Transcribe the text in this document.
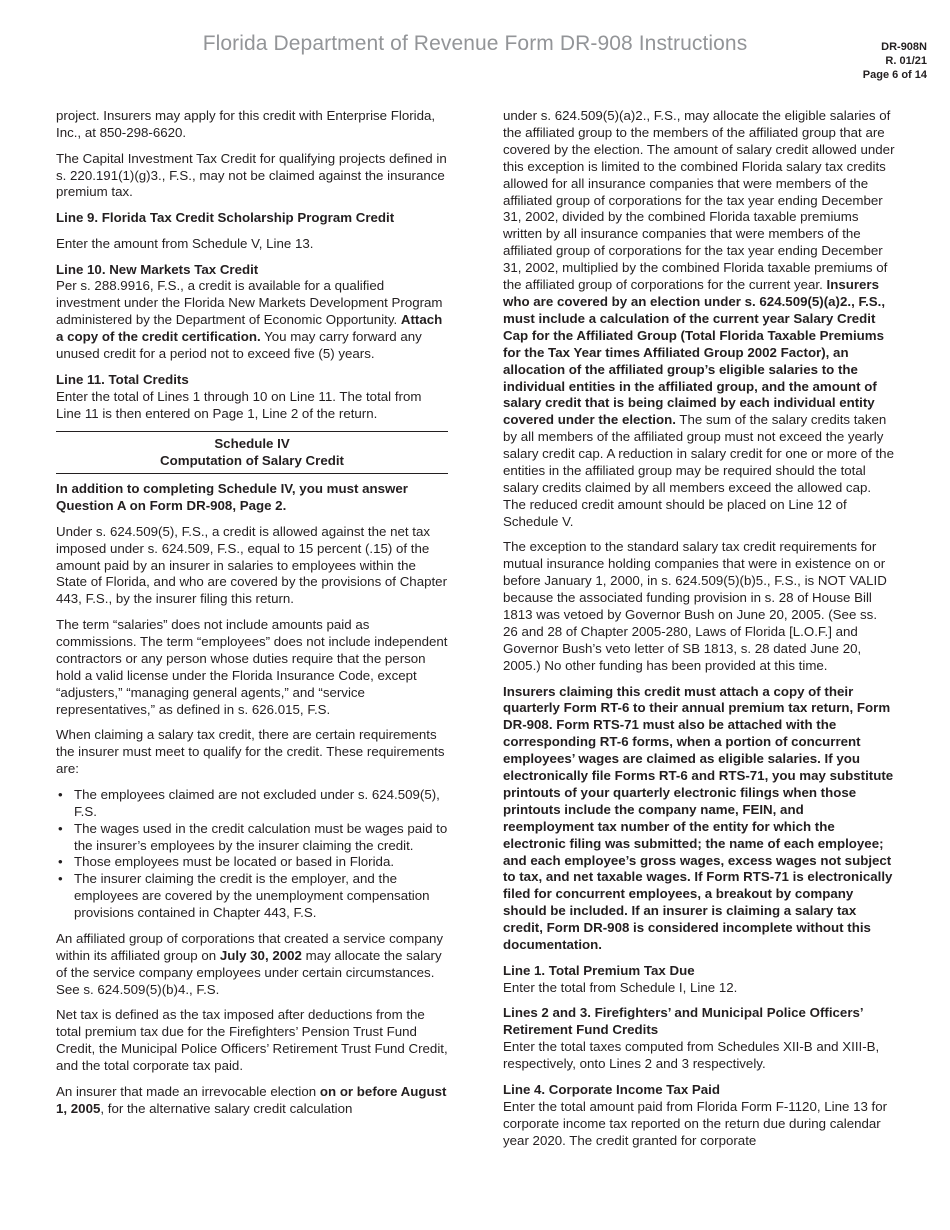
Florida Department of Revenue Form DR-908 Instructions	DR-908N
R. 01/21
Page 6 of 14

project. Insurers may apply for this credit with Enterprise Florida, Inc., at 850-298-6620.

The Capital Investment Tax Credit for qualifying projects defined in s. 220.191(1)(g)3., F.S., may not be claimed against the insurance premium tax.

Line 9. Florida Tax Credit Scholarship Program Credit

Enter the amount from Schedule V, Line 13.

Line 10. New Markets Tax Credit

Per s. 288.9916, F.S., a credit is available for a qualified investment under the Florida New Markets Development Program administered by the Department of Economic Opportunity. Attach a copy of the credit certification. You may carry forward any unused credit for a period not to exceed five (5) years.

Line 11. Total Credits

Enter the total of Lines 1 through 10 on Line 11. The total from Line 11 is then entered on Page 1, Line 2 of the return.

Schedule IV
Computation of Salary Credit

In addition to completing Schedule IV, you must answer Question A on Form DR-908, Page 2.

Under s. 624.509(5), F.S., a credit is allowed against the net tax imposed under s. 624.509, F.S., equal to 15 percent (.15) of the amount paid by an insurer in salaries to employees within the State of Florida, and who are covered by the provisions of Chapter 443, F.S., by the insurer filing this return.

The term “salaries” does not include amounts paid as commissions. The term “employees” does not include independent contractors or any person whose duties require that the person hold a valid license under the Florida Insurance Code, except “adjusters,” “managing general agents,” and “service representatives,” as defined in s. 626.015, F.S.

When claiming a salary tax credit, there are certain requirements the insurer must meet to qualify for the credit. These requirements are:

• The employees claimed are not excluded under s. 624.509(5), F.S.
• The wages used in the credit calculation must be wages paid to the insurer’s employees by the insurer claiming the credit.
• Those employees must be located or based in Florida.
• The insurer claiming the credit is the employer, and the employees are covered by the unemployment compensation provisions contained in Chapter 443, F.S.

An affiliated group of corporations that created a service company within its affiliated group on July 30, 2002 may allocate the salary of the service company employees under certain circumstances. See s. 624.509(5)(b)4., F.S.

Net tax is defined as the tax imposed after deductions from the total premium tax due for the Firefighters’ Pension Trust Fund Credit, the Municipal Police Officers’ Retirement Trust Fund Credit, and the total corporate tax paid.

An insurer that made an irrevocable election on or before August 1, 2005, for the alternative salary credit calculation

under s. 624.509(5)(a)2., F.S., may allocate the eligible salaries of the affiliated group to the members of the affiliated group that are covered by the election. The amount of salary credit allowed under this exception is limited to the combined Florida salary tax credits allowed for all insurance companies that were members of the affiliated group of corporations for the tax year ending December 31, 2002, divided by the combined Florida taxable premiums written by all insurance companies that were members of the affiliated group of corporations for the tax year ending December 31, 2002, multiplied by the combined Florida taxable premiums of the affiliated group of corporations for the current year. Insurers who are covered by an election under s. 624.509(5)(a)2., F.S., must include a calculation of the current year Salary Credit Cap for the Affiliated Group (Total Florida Taxable Premiums for the Tax Year times Affiliated Group 2002 Factor), an allocation of the affiliated group’s eligible salaries to the individual entities in the affiliated group, and the amount of salary credit that is being claimed by each individual entity covered under the election. The sum of the salary credits taken by all members of the affiliated group must not exceed the yearly salary credit cap. A reduction in salary credit for one or more of the entities in the affiliated group may be required should the total salary credits claimed by all members exceed the allowed cap. The reduced credit amount should be placed on Line 12 of Schedule V.

The exception to the standard salary tax credit requirements for mutual insurance holding companies that were in existence on or before January 1, 2000, in s. 624.509(5)(b)5., F.S., is NOT VALID because the associated funding provision in s. 28 of House Bill 1813 was vetoed by Governor Bush on June 20, 2005. (See ss. 26 and 28 of Chapter 2005-280, Laws of Florida [L.O.F.] and Governor Bush’s veto letter of SB 1813, s. 28 dated June 20, 2005.) No other funding has been provided at this time.

Insurers claiming this credit must attach a copy of their quarterly Form RT-6 to their annual premium tax return, Form DR-908. Form RTS-71 must also be attached with the corresponding RT-6 forms, when a portion of concurrent employees’ wages are claimed as eligible salaries. If you electronically file Forms RT-6 and RTS-71, you may substitute printouts of your quarterly electronic filings when those printouts include the company name, FEIN, and reemployment tax number of the entity for which the electronic filing was submitted; the name of each employee; and each employee’s gross wages, excess wages not subject to tax, and net taxable wages. If Form RTS-71 is electronically filed for concurrent employees, a breakout by company should be included. If an insurer is claiming a salary tax credit, Form DR-908 is considered incomplete without this documentation.

Line 1. Total Premium Tax Due

Enter the total from Schedule I, Line 12.

Lines 2 and 3. Firefighters’ and Municipal Police Officers’ Retirement Fund Credits

Enter the total taxes computed from Schedules XII-B and XIII-B, respectively, onto Lines 2 and 3 respectively.

Line 4. Corporate Income Tax Paid

Enter the total amount paid from Florida Form F-1120, Line 13 for corporate income tax reported on the return due during calendar year 2020. The credit granted for corporate
